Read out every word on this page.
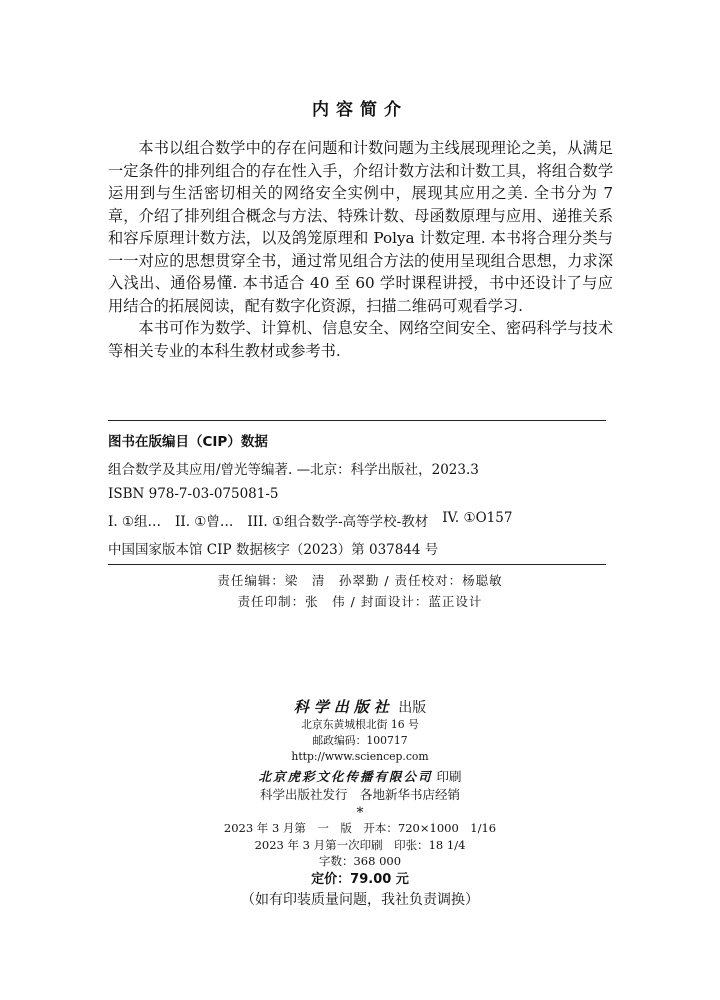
内容简介

本书以组合数学中的存在问题和计数问题为主线展现理论之美，从满足一定条件的排列组合的存在性入手，介绍计数方法和计数工具，将组合数学运用到与生活密切相关的网络安全实例中，展现其应用之美. 全书分为 7 章，介绍了排列组合概念与方法、特殊计数、母函数原理与应用、递推关系和容斥原理计数方法，以及鸽笼原理和 Polya 计数定理. 本书将合理分类与一一对应的思想贯穿全书，通过常见组合方法的使用呈现组合思想，力求深入浅出、通俗易懂. 本书适合 40 至 60 学时课程讲授，书中还设计了与应用结合的拓展阅读，配有数字化资源，扫描二维码可观看学习.

本书可作为数学、计算机、信息安全、网络空间安全、密码科学与技术等相关专业的本科生教材或参考书.

图书在版编目（CIP）数据
组合数学及其应用/曾光等编著. —北京：科学出版社，2023.3
ISBN 978-7-03-075081-5
I. ①组… II. ①曾… III. ①组合数学-高等学校-教材 IV. ①O157
中国国家版本馆 CIP 数据核字（2023）第 037844 号
责任编辑：梁　清　孙翠勤 / 责任校对：杨聪敏
责任印制：张　伟 / 封面设计：蓝正设计
科学出版社 出版
北京东黄城根北街 16 号
邮政编码：100717
http://www.sciencep.com
北京虎彩文化传播有限公司 印刷
科学出版社发行　各地新华书店经销
*
2023 年 3 月第　一　版　开本：720×1000　1/16
2023 年 3 月第一次印刷　印张：18 1/4
字数：368 000
定价：79.00 元
（如有印装质量问题，我社负责调换）
